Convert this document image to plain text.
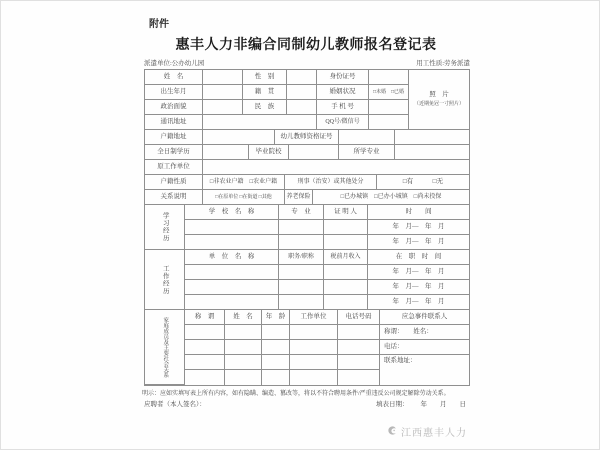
附件
惠丰人力非编合同制幼儿教师报名登记表
派遣单位:公办幼儿园	用工性质:劳务派遣
姓　名	性　别	身份证号
出生年月	籍　贯	婚姻状况	□未婚　□已婚
政治面貌	民　族	手 机 号
通讯地址	QQ号/微信号
照　片
（近期免冠一寸照片）
户籍地址	幼儿教师资格证号
全日制学历	毕业院校	所学专业
原工作单位
户籍性质	□非农业户籍　□农业户籍	刑事（治安）或其他处分	□有　　　□无
关系说明	□在原单位 □在街道 □其他	养老保险	□已办城镇　□已办小城镇　□尚未投保
学习经历
学　校　名　称	专　业	证 明 人	时　　间
年　月—　年　月
年　月—　年　月
工作经历
单　位　名　称	职务/职称	税前月收入	在　职　时　间
年　月—　年　月
年　月—　年　月
年　月—　年　月
家庭成员及主要社会关系
称　谓	姓　名	年　龄	工作单位	电话号码	应急事件联系人
称谓：　　姓名：
电话：
联系地址：
明示：应如实填写表上所有内容，如有隐瞒、编造、篡改等，将以不符合聘用条件/严重违反公司规定解除劳动关系。
应聘者（本人签名）：	填表日期： 年　　月　　日
江西惠丰人力
